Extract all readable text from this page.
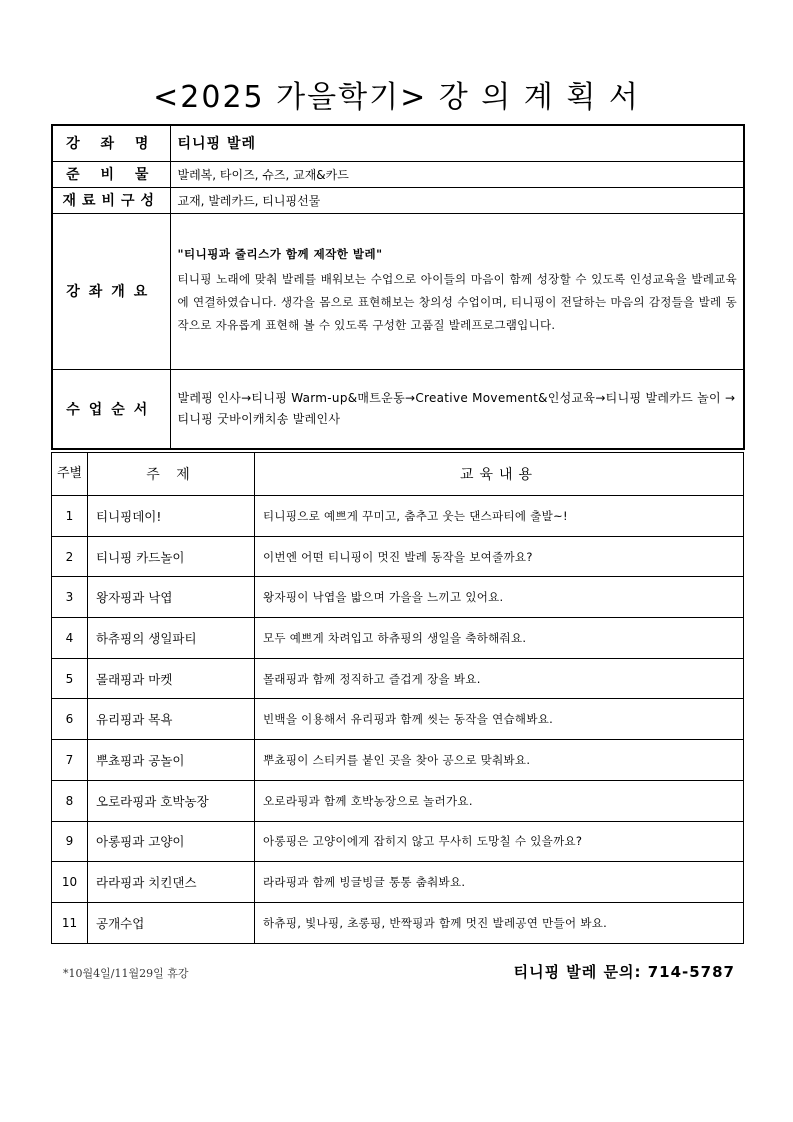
<2025 가을학기> 강 의 계 획 서
강 좌 명	티니핑 발레
준 비 물	발레복, 타이즈, 슈즈, 교재&카드
재료비구성	교재, 발레카드, 티니핑선물
강좌개요	"티니핑과 줄리스가 함께 제작한 발레"
티니핑 노래에 맞춰 발레를 배워보는 수업으로 아이들의 마음이 함께 성장할 수 있도록 인성교육을 발레교육에 연결하였습니다. 생각을 몸으로 표현해보는 창의성 수업이며, 티니핑이 전달하는 마음의 감정들을 발레 동작으로 자유롭게 표현해 볼 수 있도록 구성한 고품질 발레프로그램입니다.

수업순서	발레핑 인사→티니핑 Warm-up&매트운동→Creative Movement&인성교육→티니핑 발레카드 놀이 →티니핑 굿바이캐치송 발레인사
주별	주 제	교육내용
1	티니핑데이!	티니핑으로 예쁘게 꾸미고, 춤추고 웃는 댄스파티에 출발~!
2	티니핑 카드놀이	이번엔 어떤 티니핑이 멋진 발레 동작을 보여줄까요?
3	왕자핑과 낙엽	왕자핑이 낙엽을 밟으며 가을을 느끼고 있어요.
4	하츄핑의 생일파티	모두 예쁘게 차려입고 하츄핑의 생일을 축하해줘요.
5	몰래핑과 마켓	몰래핑과 함께 정직하고 즐겁게 장을 봐요.
6	유리핑과 목욕	빈백을 이용해서 유리핑과 함께 씻는 동작을 연습해봐요.
7	뿌쵸핑과 공놀이	뿌쵸핑이 스티커를 붙인 곳을 찾아 공으로 맞춰봐요.
8	오로라핑과 호박농장	오로라핑과 함께 호박농장으로 놀러가요.
9	아롱핑과 고양이	아롱핑은 고양이에게 잡히지 않고 무사히 도망칠 수 있을까요?
10	라라핑과 치킨댄스	라라핑과 함께 빙글빙글 통통 춤춰봐요.
11	공개수업	하츄핑, 빛나핑, 초롱핑, 반짝핑과 함께 멋진 발레공연 만들어 봐요.
*10월4일/11월29일 휴강	티니핑 발레 문의: 714-5787
